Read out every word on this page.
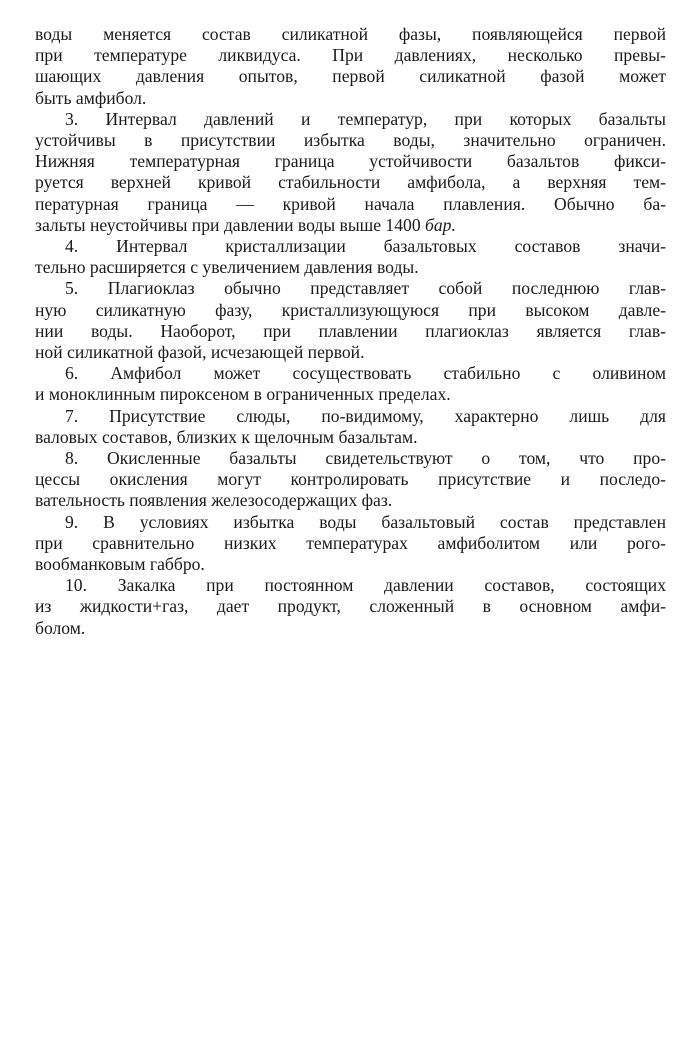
воды меняется состав силикатной фазы, появляющейся первой
при температуре ликвидуса. При давлениях, несколько превы-
шающих давления опытов, первой силикатной фазой может
быть амфибол.
3. Интервал давлений и температур, при которых базальты
устойчивы в присутствии избытка воды, значительно ограничен.
Нижняя температурная граница устойчивости базальтов фикси-
руется верхней кривой стабильности амфибола, а верхняя тем-
пературная граница — кривой начала плавления. Обычно ба-
зальты неустойчивы при давлении воды выше 1400 бар.
4. Интервал кристаллизации базальтовых составов значи-
тельно расширяется с увеличением давления воды.
5. Плагиоклаз обычно представляет собой последнюю глав-
ную силикатную фазу, кристаллизующуюся при высоком давле-
нии воды. Наоборот, при плавлении плагиоклаз является глав-
ной силикатной фазой, исчезающей первой.
6. Амфибол может сосуществовать стабильно с оливином
и моноклинным пироксеном в ограниченных пределах.
7. Присутствие слюды, по-видимому, характерно лишь для
валовых составов, близких к щелочным базальтам.
8. Окисленные базальты свидетельствуют о том, что про-
цессы окисления могут контролировать присутствие и последо-
вательность появления железосодержащих фаз.
9. В условиях избытка воды базальтовый состав представлен
при сравнительно низких температурах амфиболитом или рого-
вообманковым габбро.
10. Закалка при постоянном давлении составов, состоящих
из жидкости+газ, дает продукт, сложенный в основном амфи-
болом.
